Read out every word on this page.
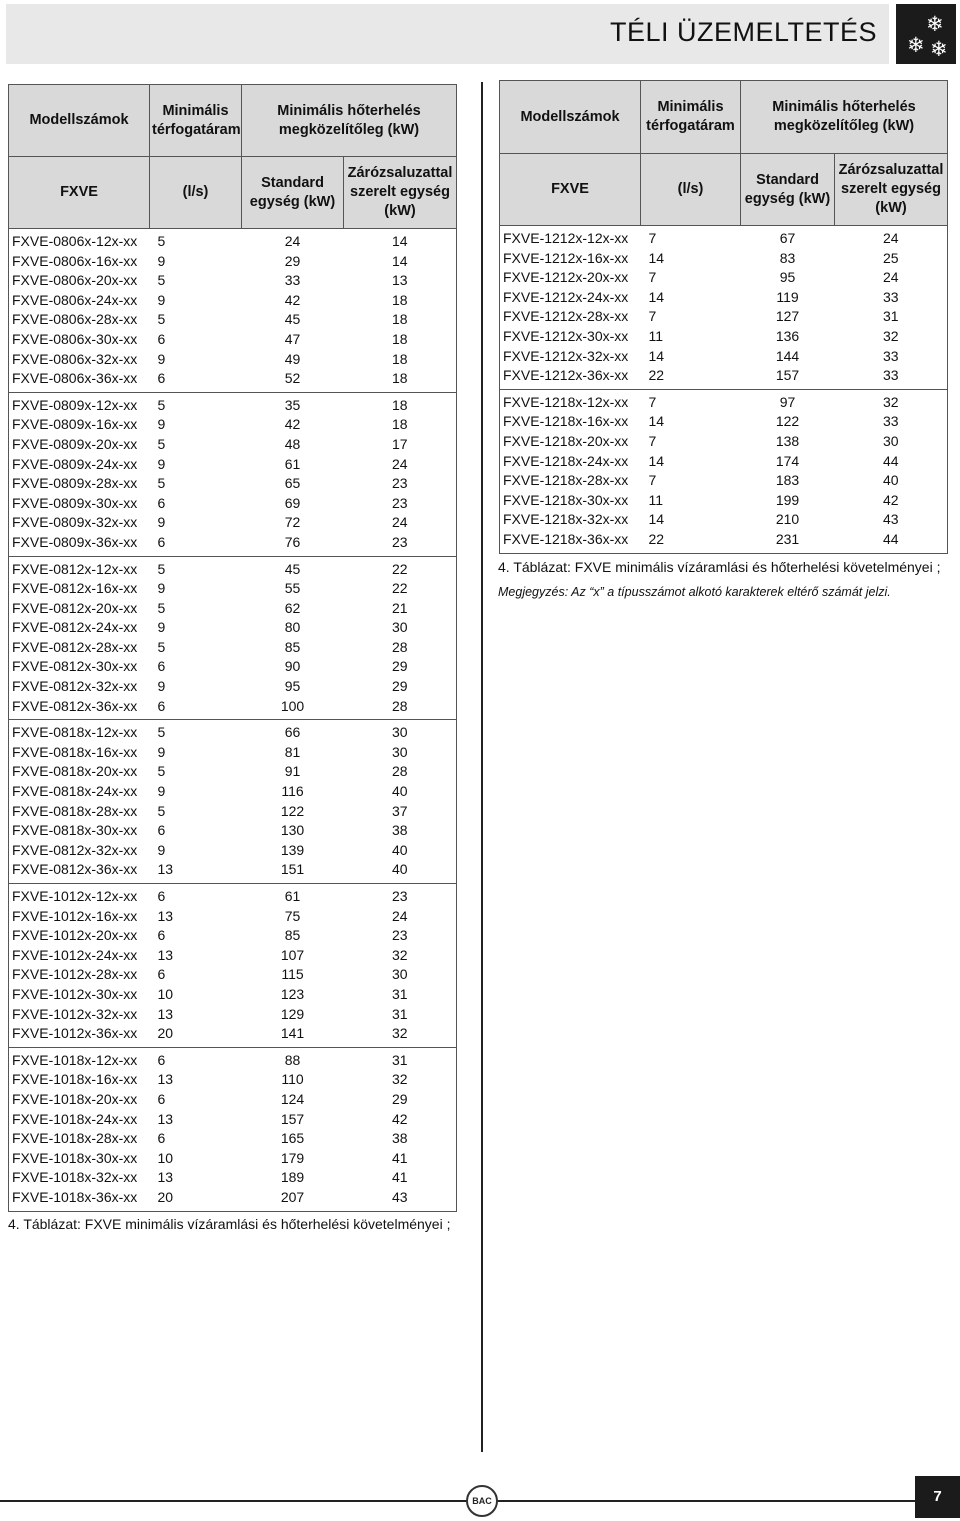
TÉLI ÜZEMELTETÉS ❄
❄ ❄
Modellszámok	Minimális térfogatáram	Minimális hőterhelés megközelítőleg (kW)	
FXVE	(l/s)	Standard egység (kW)	Zárózsaluzattal szerelt egység (kW)
FXVE-0806x-12x-xx	5	24	14
FXVE-0806x-16x-xx	9	29	14
FXVE-0806x-20x-xx	5	33	13
FXVE-0806x-24x-xx	9	42	18
FXVE-0806x-28x-xx	5	45	18
FXVE-0806x-30x-xx	6	47	18
FXVE-0806x-32x-xx	9	49	18
FXVE-0806x-36x-xx	6	52	18
FXVE-0809x-12x-xx	5	35	18
FXVE-0809x-16x-xx	9	42	18
FXVE-0809x-20x-xx	5	48	17
FXVE-0809x-24x-xx	9	61	24
FXVE-0809x-28x-xx	5	65	23
FXVE-0809x-30x-xx	6	69	23
FXVE-0809x-32x-xx	9	72	24
FXVE-0809x-36x-xx	6	76	23
FXVE-0812x-12x-xx	5	45	22
FXVE-0812x-16x-xx	9	55	22
FXVE-0812x-20x-xx	5	62	21
FXVE-0812x-24x-xx	9	80	30
FXVE-0812x-28x-xx	5	85	28
FXVE-0812x-30x-xx	6	90	29
FXVE-0812x-32x-xx	9	95	29
FXVE-0812x-36x-xx	6	100	28
FXVE-0818x-12x-xx	5	66	30
FXVE-0818x-16x-xx	9	81	30
FXVE-0818x-20x-xx	5	91	28
FXVE-0818x-24x-xx	9	116	40
FXVE-0818x-28x-xx	5	122	37
FXVE-0818x-30x-xx	6	130	38
FXVE-0812x-32x-xx	9	139	40
FXVE-0812x-36x-xx	13	151	40
FXVE-1012x-12x-xx	6	61	23
FXVE-1012x-16x-xx	13	75	24
FXVE-1012x-20x-xx	6	85	23
FXVE-1012x-24x-xx	13	107	32
FXVE-1012x-28x-xx	6	115	30
FXVE-1012x-30x-xx	10	123	31
FXVE-1012x-32x-xx	13	129	31
FXVE-1012x-36x-xx	20	141	32
FXVE-1018x-12x-xx	6	88	31
FXVE-1018x-16x-xx	13	110	32
FXVE-1018x-20x-xx	6	124	29
FXVE-1018x-24x-xx	13	157	42
FXVE-1018x-28x-xx	6	165	38
FXVE-1018x-30x-xx	10	179	41
FXVE-1018x-32x-xx	13	189	41
FXVE-1018x-36x-xx	20	207	43
Modellszámok	Minimális térfogatáram	Minimális hőterhelés megközelítőleg (kW)	
FXVE	(l/s)	Standard egység (kW)	Zárózsaluzattal szerelt egység (kW)
FXVE-1212x-12x-xx	7	67	24
FXVE-1212x-16x-xx	14	83	25
FXVE-1212x-20x-xx	7	95	24
FXVE-1212x-24x-xx	14	119	33
FXVE-1212x-28x-xx	7	127	31
FXVE-1212x-30x-xx	11	136	32
FXVE-1212x-32x-xx	14	144	33
FXVE-1212x-36x-xx	22	157	33
FXVE-1218x-12x-xx	7	97	32
FXVE-1218x-16x-xx	14	122	33
FXVE-1218x-20x-xx	7	138	30
FXVE-1218x-24x-xx	14	174	44
FXVE-1218x-28x-xx	7	183	40
FXVE-1218x-30x-xx	11	199	42
FXVE-1218x-32x-xx	14	210	43
FXVE-1218x-36x-xx	22	231	44
4. Táblázat: FXVE minimális vízáramlási és hőterhelési követelményei ;
4. Táblázat: FXVE minimális vízáramlási és hőterhelési követelményei ;
Megjegyzés: Az “x” a típusszámot alkotó karakterek eltérő számát jelzi.
BAC	7
